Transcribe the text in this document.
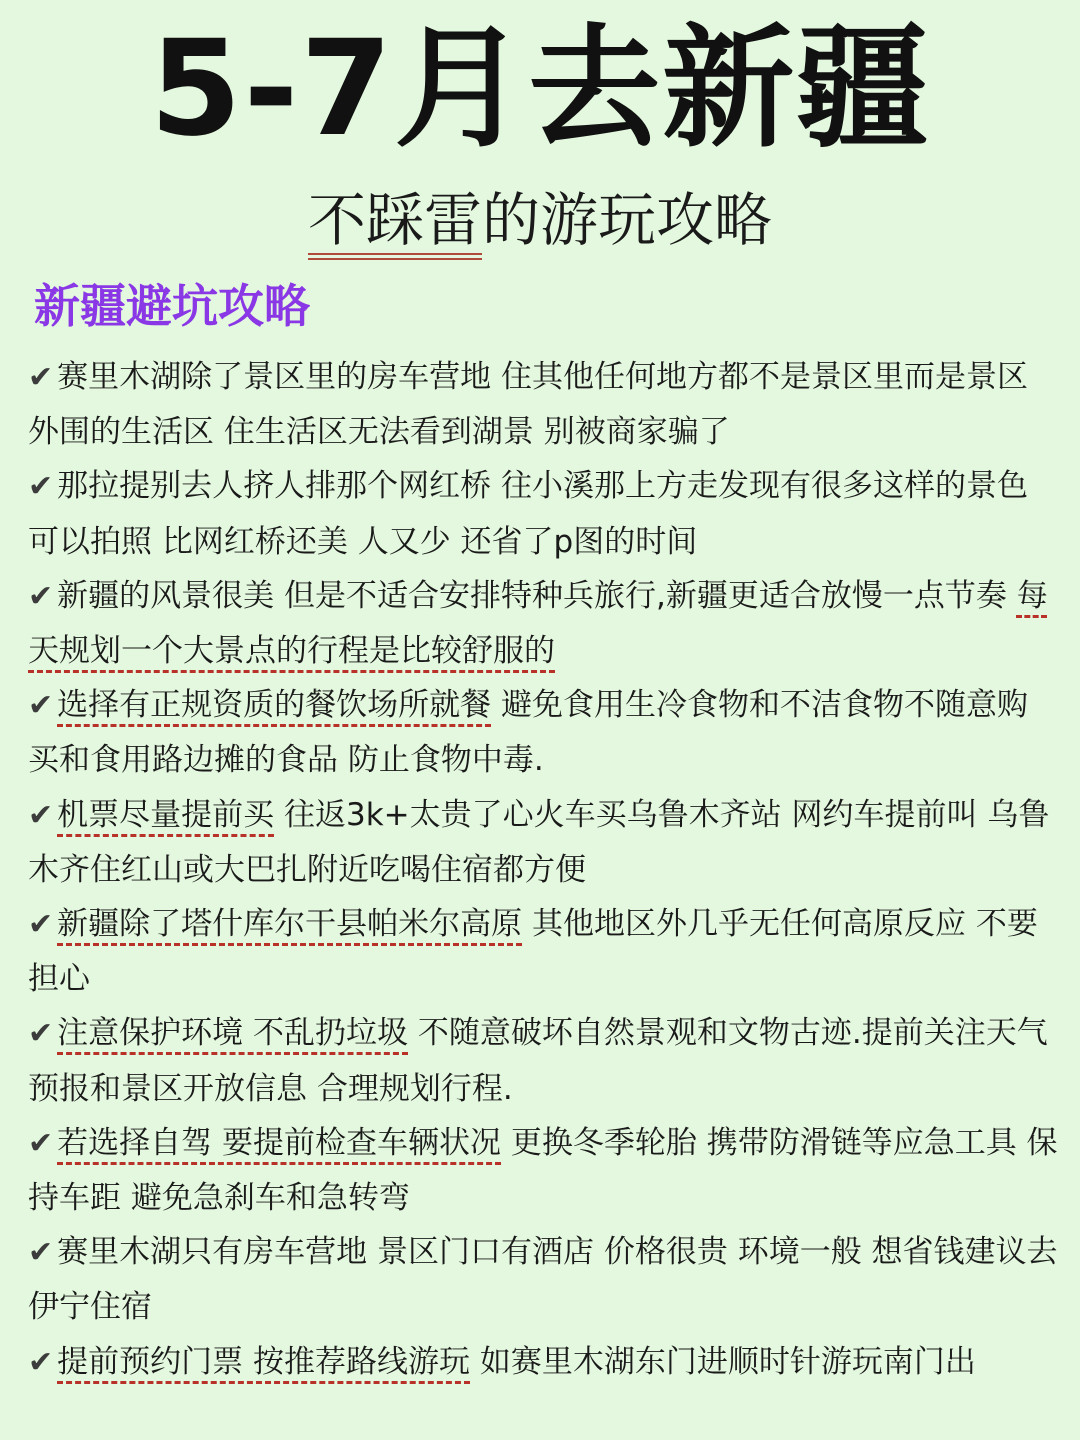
5-7月去新疆
不踩雷的游玩攻略
新疆避坑攻略
✔ 赛里木湖除了景区里的房车营地 住其他任何地方都不是景区里而是景区外围的生活区 住生活区无法看到湖景 别被商家骗了
✔ 那拉提别去人挤人排那个网红桥 往小溪那上方走发现有很多这样的景色可以拍照 比网红桥还美 人又少 还省了p图的时间
✔ 新疆的风景很美 但是不适合安排特种兵旅行,新疆更适合放慢一点节奏 每天规划一个大景点的行程是比较舒服的
✔ 选择有正规资质的餐饮场所就餐 避免食用生冷食物和不洁食物不随意购买和食用路边摊的食品 防止食物中毒.
✔ 机票尽量提前买 往返3k+太贵了心火车买乌鲁木齐站 网约车提前叫 乌鲁木齐住红山或大巴扎附近吃喝住宿都方便
✔ 新疆除了塔什库尔干县帕米尔高原 其他地区外几乎无任何高原反应 不要担心
✔ 注意保护环境 不乱扔垃圾 不随意破坏自然景观和文物古迹.提前关注天气预报和景区开放信息 合理规划行程.
✔ 若选择自驾 要提前检查车辆状况 更换冬季轮胎 携带防滑链等应急工具 保持车距 避免急刹车和急转弯
✔ 赛里木湖只有房车营地 景区门口有酒店 价格很贵 环境一般 想省钱建议去伊宁住宿
✔ 提前预约门票 按推荐路线游玩 如赛里木湖东门进顺时针游玩南门出
